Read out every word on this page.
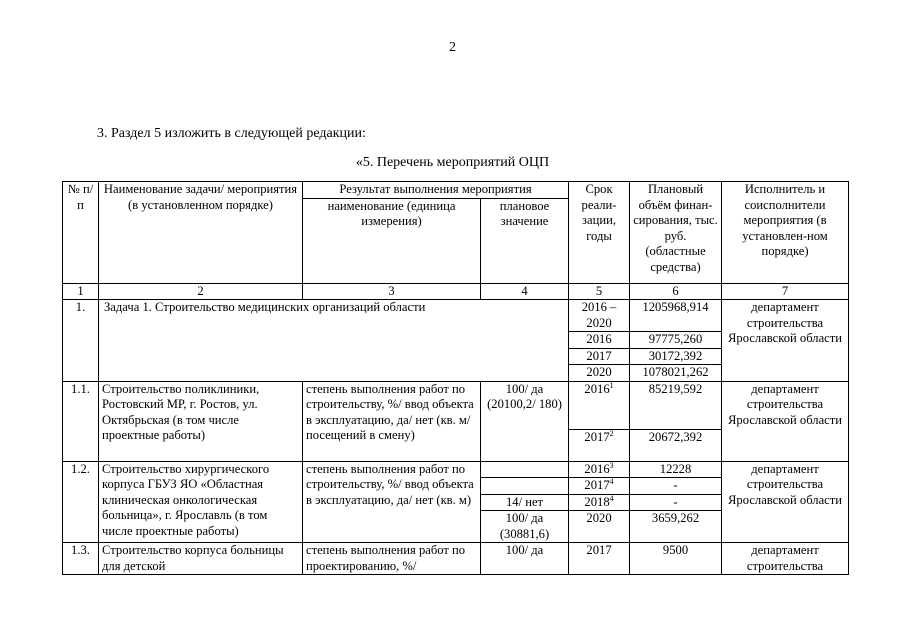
2
3. Раздел 5 изложить в следующей редакции:
«5. Перечень мероприятий ОЦП
№ п/п	Наименование задачи/ мероприятия (в установленном порядке)	Результат выполнения мероприятия		Срок реали-зации, годы	Плановый объём финан-сирования, тыс. руб. (областные средства)	Исполнитель и соисполнители мероприятия (в установлен-ном порядке)
		наименование (единица измерения)	плановое значение			
1	2	3	4	5	6	7
1.	Задача 1. Строительство медицинских организаций области			2016 – 2020	1205968,914	департамент строительства Ярославской области
				2016	97775,260	
				2017	30172,392	
				2020	1078021,262	
1.1.	Строительство поликлиники, Ростовский МР, г. Ростов, ул. Октябрьская (в том числе проектные работы)	степень выполнения работ по строительству, %/ ввод объекта в эксплуатацию, да/ нет (кв. м/ посещений в смену)	100/ да (20100,2/ 180)	2016$^1$	85219,592	департамент строительства Ярославской области
				2017$^2$	20672,392	
1.2.	Строительство хирургического корпуса ГБУЗ ЯО «Областная клиническая онкологическая больница», г. Ярославль (в том числе проектные работы)	степень выполнения работ по строительству, %/ ввод объекта в эксплуатацию, да/ нет (кв. м)		2016$^3$	12228	департамент строительства Ярославской области
				2017$^4$	-	
			14/ нет	2018$^4$	-	
			100/ да (30881,6)	2020	3659,262	
1.3.	Строительство корпуса больницы для детской	степень выполнения работ по проектированию, %/	100/ да	2017	9500	департамент строительства
